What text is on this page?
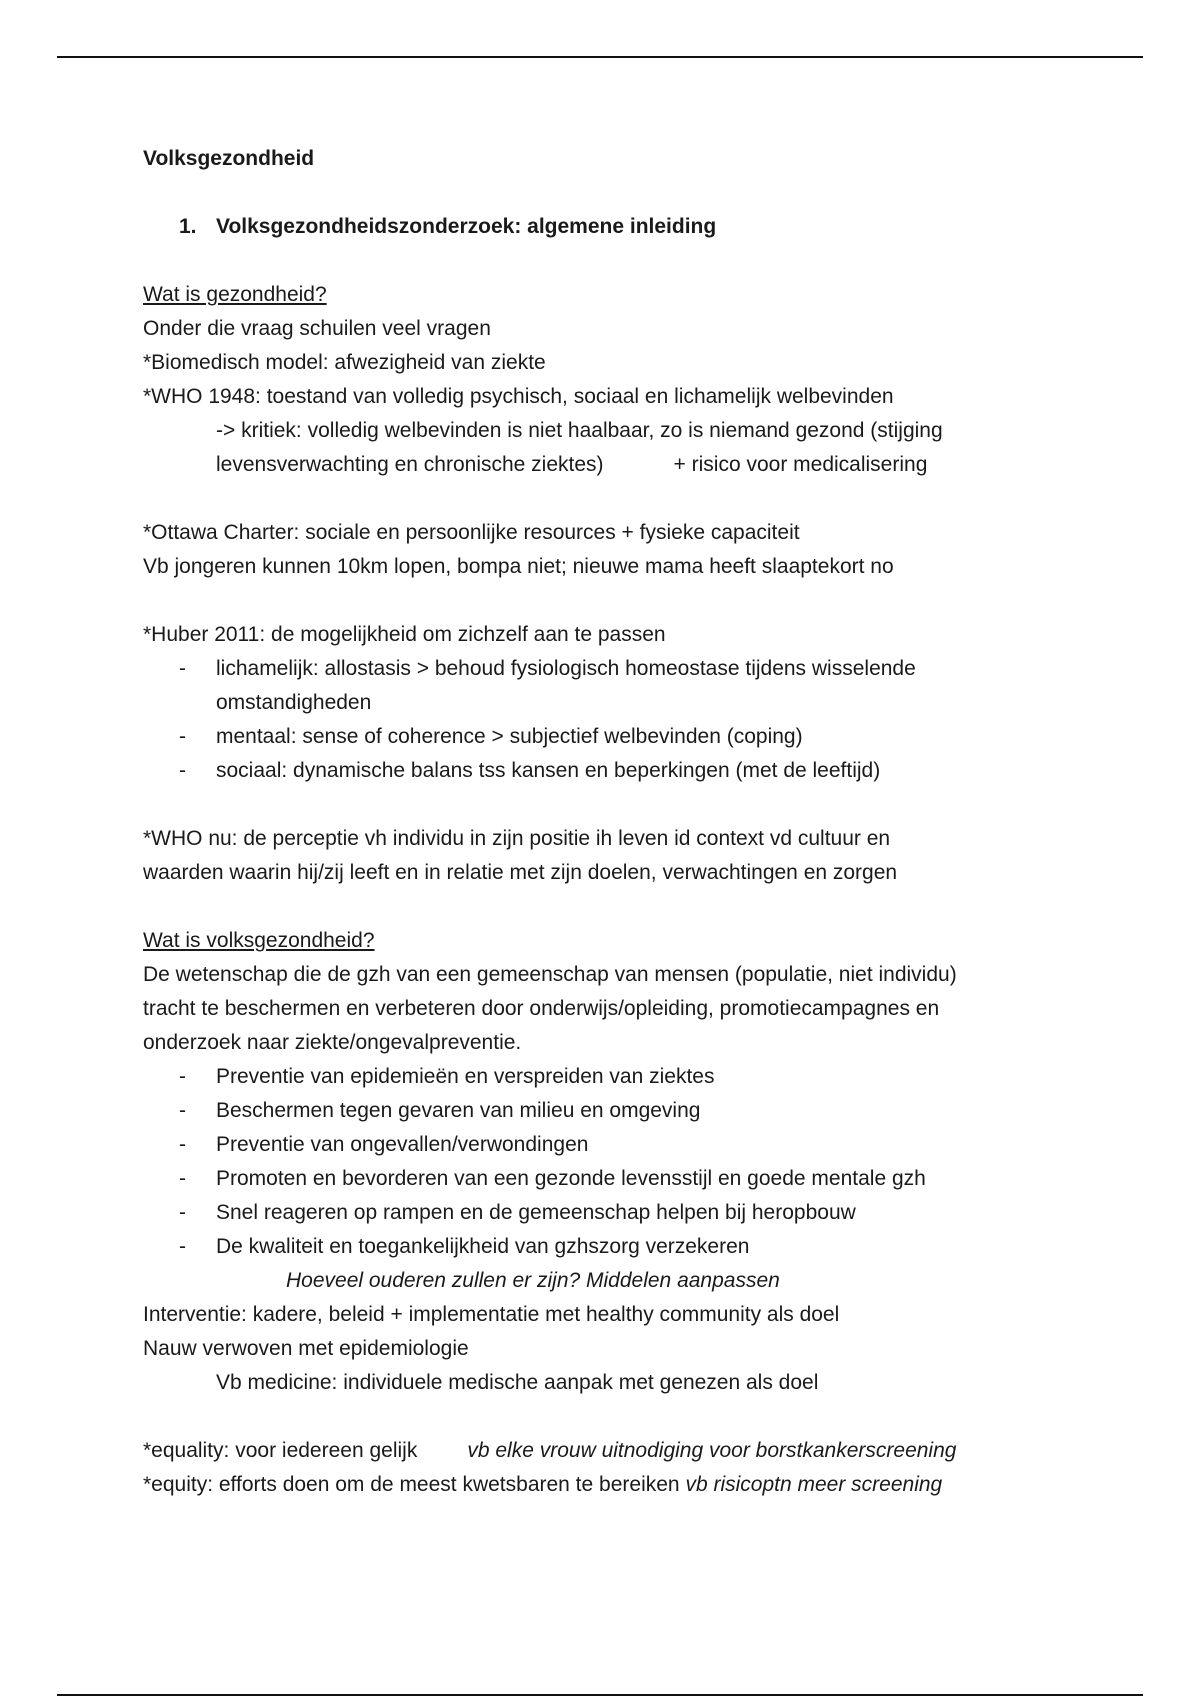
Volksgezondheid
1. Volksgezondheidszonderzoek: algemene inleiding
Wat is gezondheid?
Onder die vraag schuilen veel vragen
*Biomedisch model: afwezigheid van ziekte
*WHO 1948: toestand van volledig psychisch, sociaal en lichamelijk welbevinden
-> kritiek: volledig welbevinden is niet haalbaar, zo is niemand gezond (stijging
levensverwachting en chronische ziektes)	+ risico voor medicalisering
*Ottawa Charter: sociale en persoonlijke resources + fysieke capaciteit
Vb jongeren kunnen 10km lopen, bompa niet; nieuwe mama heeft slaaptekort no
*Huber 2011: de mogelijkheid om zichzelf aan te passen
-	lichamelijk: allostasis > behoud fysiologisch homeostase tijdens wisselende
omstandigheden
-	mentaal: sense of coherence > subjectief welbevinden (coping)
-	sociaal: dynamische balans tss kansen en beperkingen (met de leeftijd)
*WHO nu: de perceptie vh individu in zijn positie ih leven id context vd cultuur en
waarden waarin hij/zij leeft en in relatie met zijn doelen, verwachtingen en zorgen
Wat is volksgezondheid?
De wetenschap die de gzh van een gemeenschap van mensen (populatie, niet individu)
tracht te beschermen en verbeteren door onderwijs/opleiding, promotiecampagnes en
onderzoek naar ziekte/ongevalpreventie.
-	Preventie van epidemieën en verspreiden van ziektes
-	Beschermen tegen gevaren van milieu en omgeving
-	Preventie van ongevallen/verwondingen
-	Promoten en bevorderen van een gezonde levensstijl en goede mentale gzh
-	Snel reageren op rampen en de gemeenschap helpen bij heropbouw
-	De kwaliteit en toegankelijkheid van gzhszorg verzekeren
Hoeveel ouderen zullen er zijn? Middelen aanpassen
Interventie: kadere, beleid + implementatie met healthy community als doel
Nauw verwoven met epidemiologie
Vb medicine: individuele medische aanpak met genezen als doel
*equality: voor iedereen gelijk vb elke vrouw uitnodiging voor borstkankerscreening
*equity: efforts doen om de meest kwetsbaren te bereiken vb risicoptn meer screening
